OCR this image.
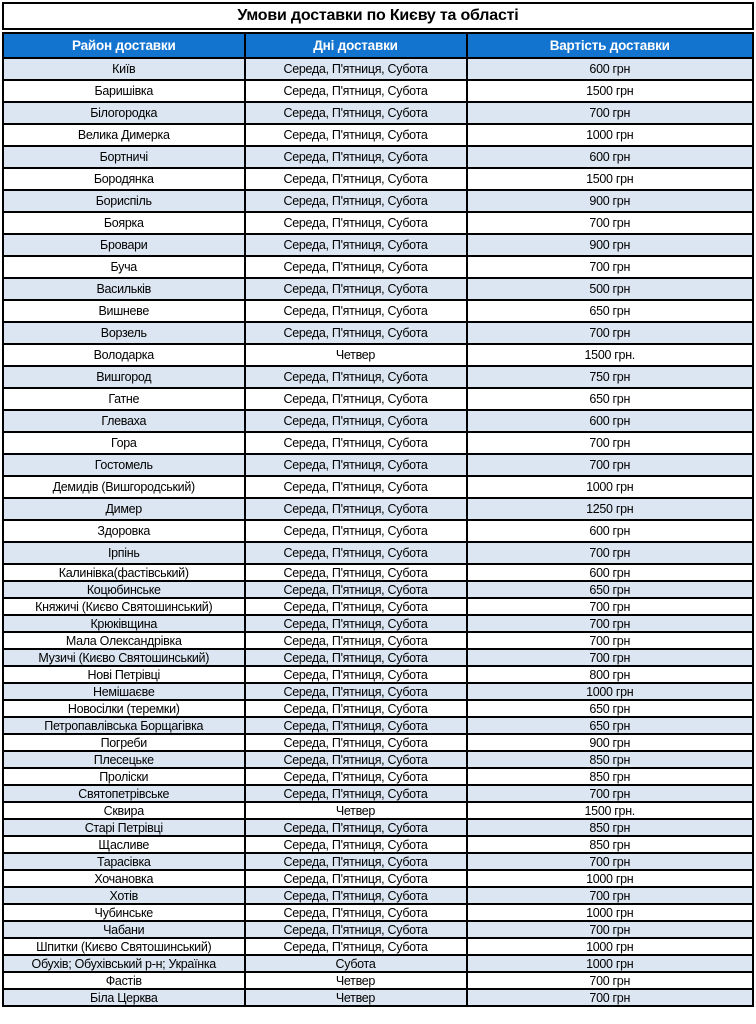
Умови доставки по Києву та області
Район доставки	Дні доставки	Вартість доставки
Київ	Середа, П'ятниця, Субота	600 грн
Баришівка	Середа, П'ятниця, Субота	1500 грн
Білогородка	Середа, П'ятниця, Субота	700 грн
Велика Димерка	Середа, П'ятниця, Субота	1000 грн
Бортничі	Середа, П'ятниця, Субота	600 грн
Бородянка	Середа, П'ятниця, Субота	1500 грн
Бориспіль	Середа, П'ятниця, Субота	900 грн
Боярка	Середа, П'ятниця, Субота	700 грн
Бровари	Середа, П'ятниця, Субота	900 грн
Буча	Середа, П'ятниця, Субота	700 грн
Васильків	Середа, П'ятниця, Субота	500 грн
Вишневе	Середа, П'ятниця, Субота	650 грн
Ворзель	Середа, П'ятниця, Субота	700 грн
Володарка	Четвер	1500 грн.
Вишгород	Середа, П'ятниця, Субота	750 грн
Гатне	Середа, П'ятниця, Субота	650 грн
Глеваха	Середа, П'ятниця, Субота	600 грн
Гора	Середа, П'ятниця, Субота	700 грн
Гостомель	Середа, П'ятниця, Субота	700 грн
Демидів (Вишгородський)	Середа, П'ятниця, Субота	1000 грн
Димер	Середа, П'ятниця, Субота	1250 грн
Здоровка	Середа, П'ятниця, Субота	600 грн
Ірпінь	Середа, П'ятниця, Субота	700 грн
Калинівка(фастівський)	Середа, П'ятниця, Субота	600 грн
Коцюбинське	Середа, П'ятниця, Субота	650 грн
Княжичі (Києво Святошинський)	Середа, П'ятниця, Субота	700 грн
Крюківщина	Середа, П'ятниця, Субота	700 грн
Мала Олександрівка	Середа, П'ятниця, Субота	700 грн
Музичі (Києво Святошинський)	Середа, П'ятниця, Субота	700 грн
Нові Петрівці	Середа, П'ятниця, Субота	800 грн
Немішаєве	Середа, П'ятниця, Субота	1000 грн
Новосілки (теремки)	Середа, П'ятниця, Субота	650 грн
Петропавлівська Борщагівка	Середа, П'ятниця, Субота	650 грн
Погреби	Середа, П'ятниця, Субота	900 грн
Плесецьке	Середа, П'ятниця, Субота	850 грн
Проліски	Середа, П'ятниця, Субота	850 грн
Святопетрівське	Середа, П'ятниця, Субота	700 грн
Сквира	Четвер	1500 грн.
Старі Петрівці	Середа, П'ятниця, Субота	850 грн
Щасливе	Середа, П'ятниця, Субота	850 грн
Тарасівка	Середа, П'ятниця, Субота	700 грн
Хочановка	Середа, П'ятниця, Субота	1000 грн
Хотів	Середа, П'ятниця, Субота	700 грн
Чубинське	Середа, П'ятниця, Субота	1000 грн
Чабани	Середа, П'ятниця, Субота	700 грн
Шпитки (Києво Святошинський)	Середа, П'ятниця, Субота	1000 грн
Обухів; Обухівський р-н; Українка	Субота	1000 грн
Фастів	Четвер	700 грн
Біла Церква	Четвер	700 грн
